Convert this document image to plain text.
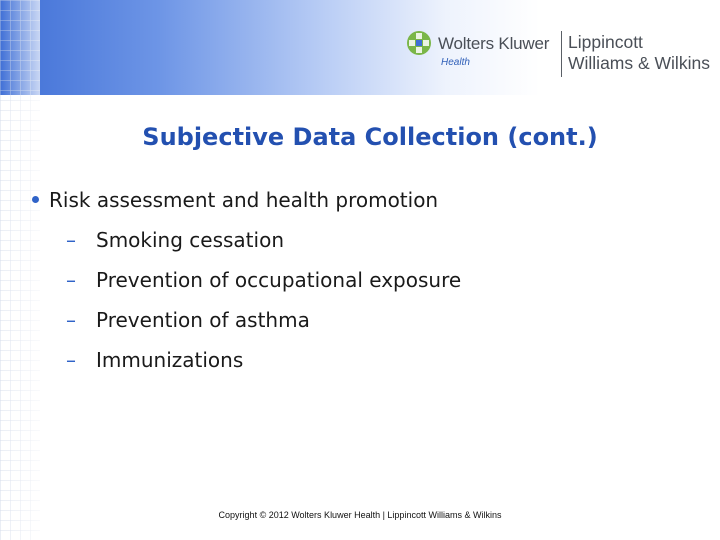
Wolters Kluwer
Health
Lippincott
Williams & Wilkins
Subjective Data Collection (cont.)
Risk assessment and health promotion
– Smoking cessation
– Prevention of occupational exposure
– Prevention of asthma
– Immunizations
Copyright © 2012 Wolters Kluwer Health | Lippincott Williams & Wilkins
